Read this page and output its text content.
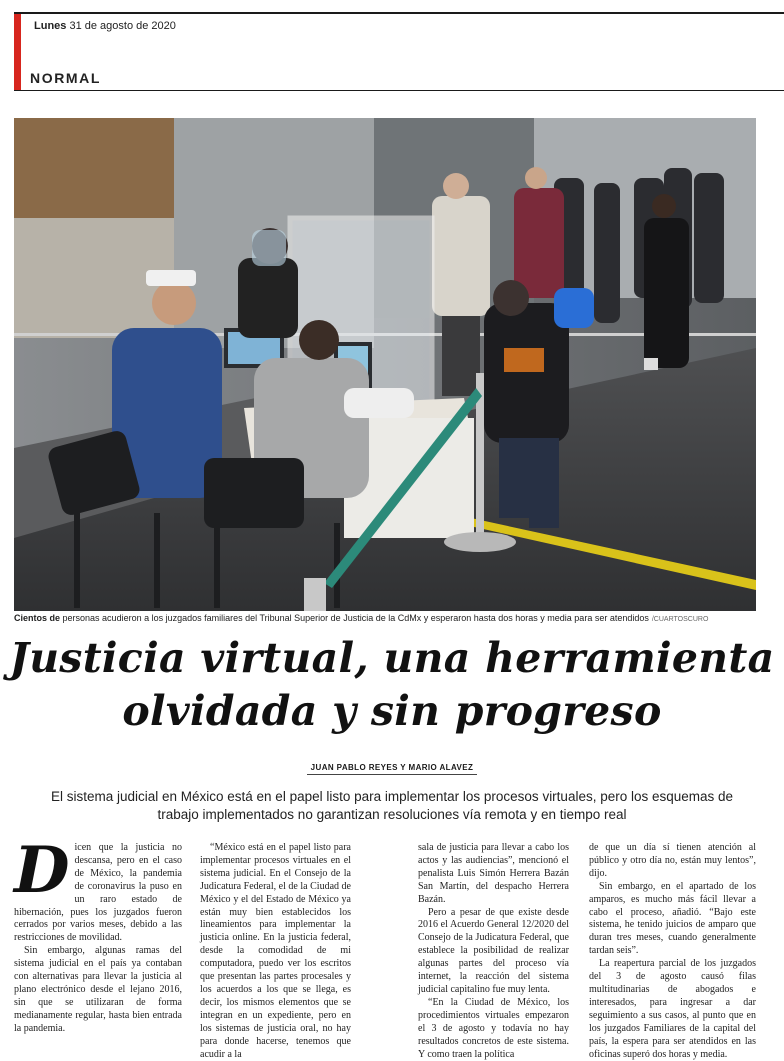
Lunes 31 de agosto de 2020
NORMAL
Cientos de personas acudieron a los juzgados familiares del Tribunal Superior de Justicia de la CdMx y esperaron hasta dos horas y media para ser atendidos /CUARTOSCURO
Justicia virtual, una herramienta
olvidada y sin progreso
JUAN PABLO REYES Y MARIO ALAVEZ
El sistema judicial en México está en el papel listo para implementar los procesos virtuales, pero los esquemas de trabajo implementados no garantizan resoluciones vía remota y en tiempo real
D icen que la justicia no descansa, pero en el caso de México, la pandemia de coronavirus la puso en un raro estado de hibernación, pues los juzgados fueron cerrados por varios meses, debido a las restricciones de movilidad.

Sin embargo, algunas ramas del sistema judicial en el país ya contaban con alternativas para llevar la justicia al plano electrónico desde el lejano 2016, sin que se utilizaran de forma medianamente regular, hasta bien entrada la pandemia.

“México está en el papel listo para implementar procesos virtuales en el sistema judicial. En el Consejo de la Judicatura Federal, el de la Ciudad de México y el del Estado de México ya están muy bien establecidos los lineamientos para implementar la justicia online. En la justicia federal, desde la comodidad de mi computadora, puedo ver los escritos que presentan las partes procesales y los acuerdos a los que se llega, es decir, los mismos elementos que se integran en un expediente, pero en los sistemas de justicia oral, no hay para donde hacerse, tenemos que acudir a la

sala de justicia para llevar a cabo los actos y las audiencias”, mencionó el penalista Luis Simón Herrera Bazán San Martín, del despacho Herrera Bazán.

Pero a pesar de que existe desde 2016 el Acuerdo General 12/2020 del Consejo de la Judicatura Federal, que establece la posibilidad de realizar algunas partes del proceso vía internet, la reacción del sistema judicial capitalino fue muy lenta.

“En la Ciudad de México, los procedimientos virtuales empezaron el 3 de agosto y todavía no hay resultados concretos de este sistema. Y como traen la política

de que un día sí tienen atención al público y otro día no, están muy lentos”, dijo.

Sin embargo, en el apartado de los amparos, es mucho más fácil llevar a cabo el proceso, añadió. “Bajo este sistema, he tenido juicios de amparo que duran tres meses, cuando generalmente tardan seis”.

La reapertura parcial de los juzgados del 3 de agosto causó filas multitudinarias de abogados e interesados, para ingresar a dar seguimiento a sus casos, al punto que en los juzgados Familiares de la capital del país, la espera para ser atendidos en las oficinas superó dos horas y media.
